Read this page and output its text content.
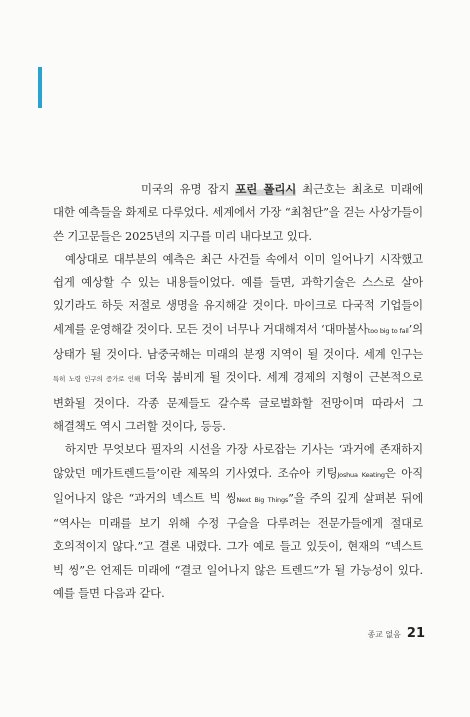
미국의 유명 잡지 포린 폴리시 최근호는 최초로 미래에 대한 예측들을 화제로 다루었다. 세계에서 가장 “최첨단”을 걷는 사상가들이 쓴 기고문들은 2025년의 지구를 미리 내다보고 있다.

예상대로 대부분의 예측은 최근 사건들 속에서 이미 일어나기 시작했고 쉽게 예상할 수 있는 내용들이었다. 예를 들면, 과학기술은 스스로 살아 있기라도 하듯 저절로 생명을 유지해갈 것이다. 마이크로 다국적 기업들이 세계를 운영해갈 것이다. 모든 것이 너무나 거대해져서 ‘대마불사too big to fail’의 상태가 될 것이다. 남중국해는 미래의 분쟁 지역이 될 것이다. 세계 인구는 특히 노령 인구의 증가로 인해 더욱 붐비게 될 것이다. 세계 경제의 지형이 근본적으로 변화될 것이다. 각종 문제들도 갈수록 글로벌화할 전망이며 따라서 그 해결책도 역시 그러할 것이다, 등등.

하지만 무엇보다 필자의 시선을 가장 사로잡는 기사는 ‘과거에 존재하지 않았던 메가트렌드들’이란 제목의 기사였다. 조슈아 키팅Joshua Keating은 아직 일어나지 않은 “과거의 넥스트 빅 씽Next Big Things”을 주의 깊게 살펴본 뒤에 “역사는 미래를 보기 위해 수정 구슬을 다루려는 전문가들에게 절대로 호의적이지 않다.”고 결론 내렸다. 그가 예로 들고 있듯이, 현재의 “넥스트 빅 씽”은 언제든 미래에 “결코 일어나지 않은 트렌드”가 될 가능성이 있다. 예를 들면 다음과 같다.

종교 없음 21
